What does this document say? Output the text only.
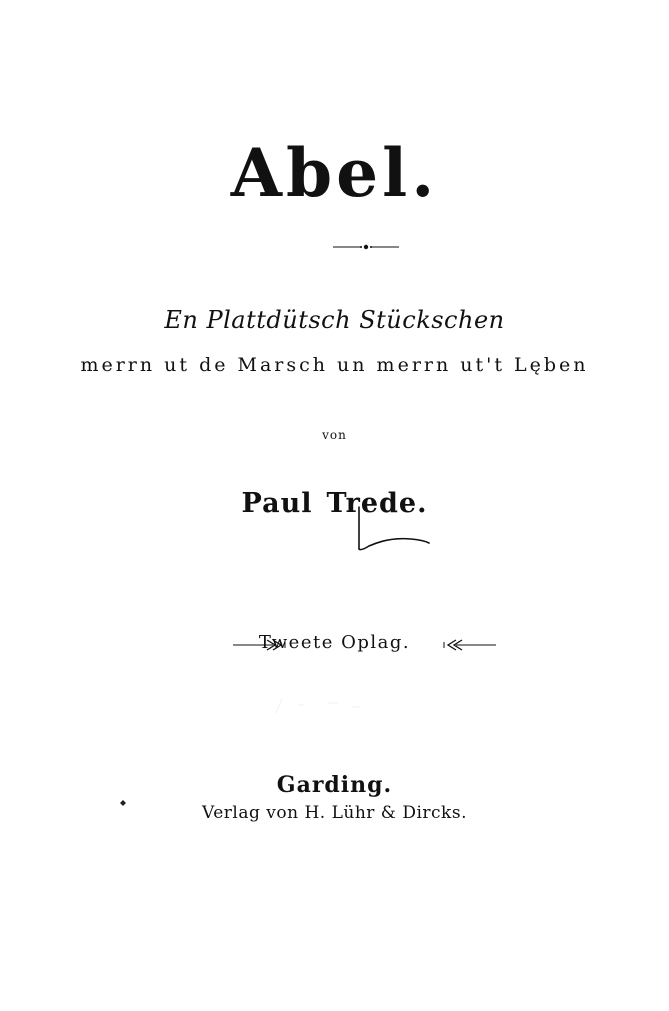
Abel.
En Plattdütsch Stückschen
merrn ut de Marsch un merrn ut't Lęben
von
Paul Trede.
Tweete Oplag.
Garding.
Verlag von H. Lühr & Dircks.
